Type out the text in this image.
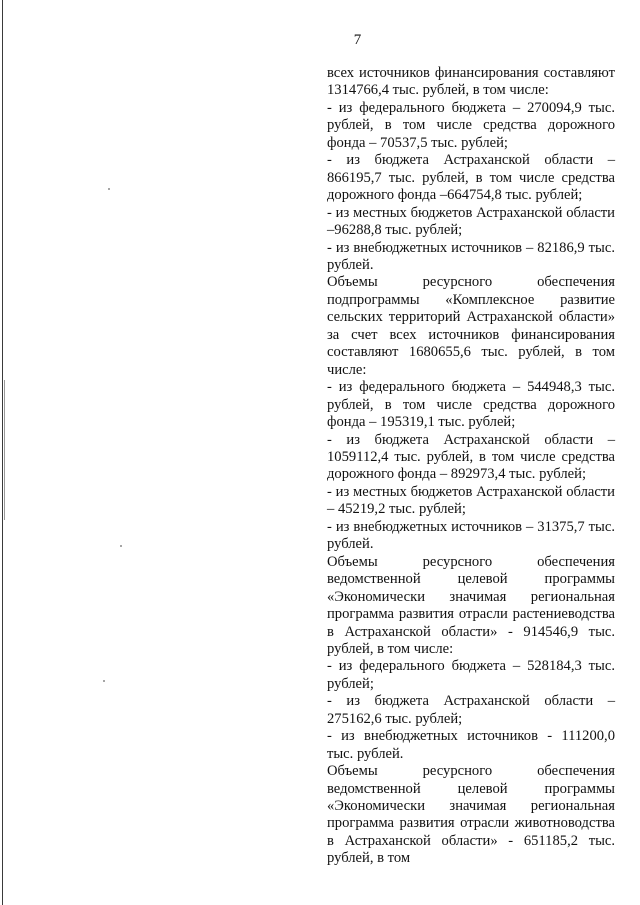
7

всех источников финансирования составляют 1314766,4 тыс. рублей, в том числе:

- из федерального бюджета – 270094,9 тыс. рублей, в том числе средства дорожного фонда – 70537,5 тыс. рублей;

- из бюджета Астраханской области – 866195,7 тыс. рублей, в том числе средства дорожного фонда –664754,8 тыс. рублей;

- из местных бюджетов Астраханской области –96288,8 тыс. рублей;

- из внебюджетных источников – 82186,9 тыс. рублей.

Объемы ресурсного обеспечения подпрограммы «Комплексное развитие сельских территорий Астраханской области» за счет всех источников финансирования составляют 1680655,6 тыс. рублей, в том числе:

- из федерального бюджета – 544948,3 тыс. рублей, в том числе средства дорожного фонда – 195319,1 тыс. рублей;

- из бюджета Астраханской области – 1059112,4 тыс. рублей, в том числе средства дорожного фонда – 892973,4 тыс. рублей;

- из местных бюджетов Астраханской области – 45219,2 тыс. рублей;

- из внебюджетных источников – 31375,7 тыс. рублей.

Объемы ресурсного обеспечения ведомственной целевой программы «Экономически значимая региональная программа развития отрасли растениеводства в Астраханской области» - 914546,9 тыс. рублей, в том числе:

- из федерального бюджета – 528184,3 тыс. рублей;

- из бюджета Астраханской области – 275162,6 тыс. рублей;

- из внебюджетных источников - 111200,0 тыс. рублей.

Объемы ресурсного обеспечения ведомственной целевой программы «Экономически значимая региональная программа развития отрасли животноводства в Астраханской области» - 651185,2 тыс. рублей, в том
